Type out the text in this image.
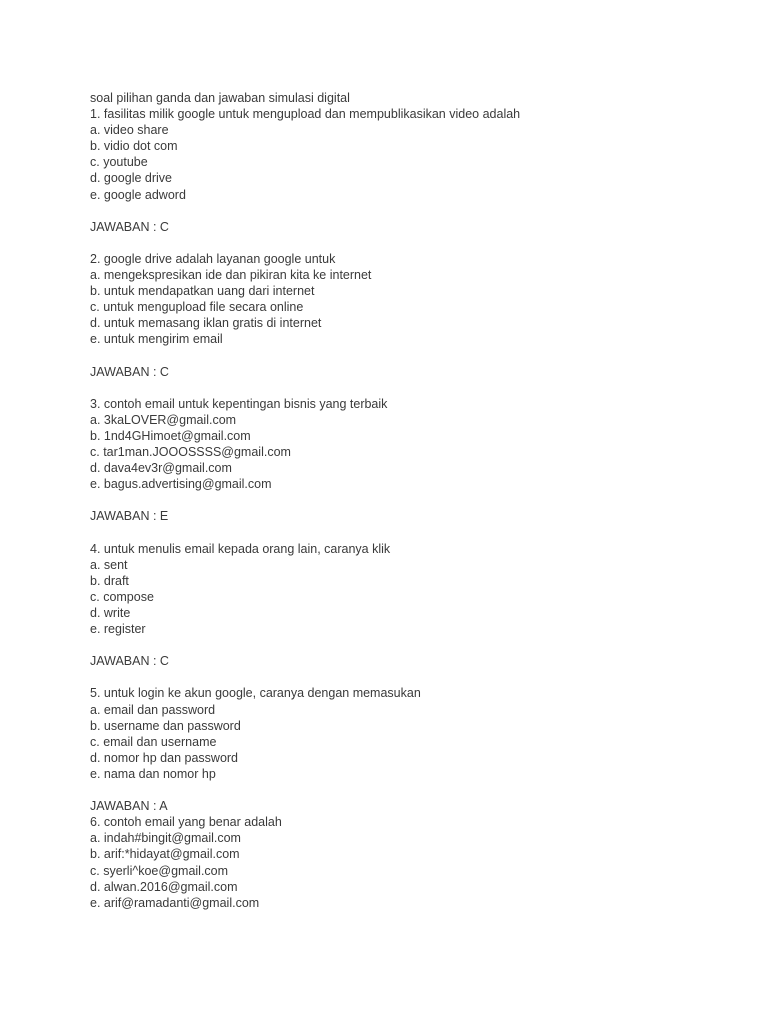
soal pilihan ganda dan jawaban simulasi digital
1. fasilitas milik google untuk mengupload dan mempublikasikan video adalah
a. video share
b. vidio dot com
c. youtube
d. google drive
e. google adword
JAWABAN : C
2. google drive adalah layanan google untuk
a. mengekspresikan ide dan pikiran kita ke internet
b. untuk mendapatkan uang dari internet
c. untuk mengupload file secara online
d. untuk memasang iklan gratis di internet
e. untuk mengirim email
JAWABAN : C
3. contoh email untuk kepentingan bisnis yang terbaik
a. 3kaLOVER@gmail.com
b. 1nd4GHimoet@gmail.com
c. tar1man.JOOOSSSS@gmail.com
d. dava4ev3r@gmail.com
e. bagus.advertising@gmail.com
JAWABAN : E
4. untuk menulis email kepada orang lain, caranya klik
a. sent
b. draft
c. compose
d. write
e. register
JAWABAN : C
5. untuk login ke akun google, caranya dengan memasukan
a. email dan password
b. username dan password
c. email dan username
d. nomor hp dan password
e. nama dan nomor hp
JAWABAN : A
6. contoh email yang benar adalah
a. indah#bingit@gmail.com
b. arif:*hidayat@gmail.com
c. syerli^koe@gmail.com
d. alwan.2016@gmail.com
e. arif@ramadanti@gmail.com
